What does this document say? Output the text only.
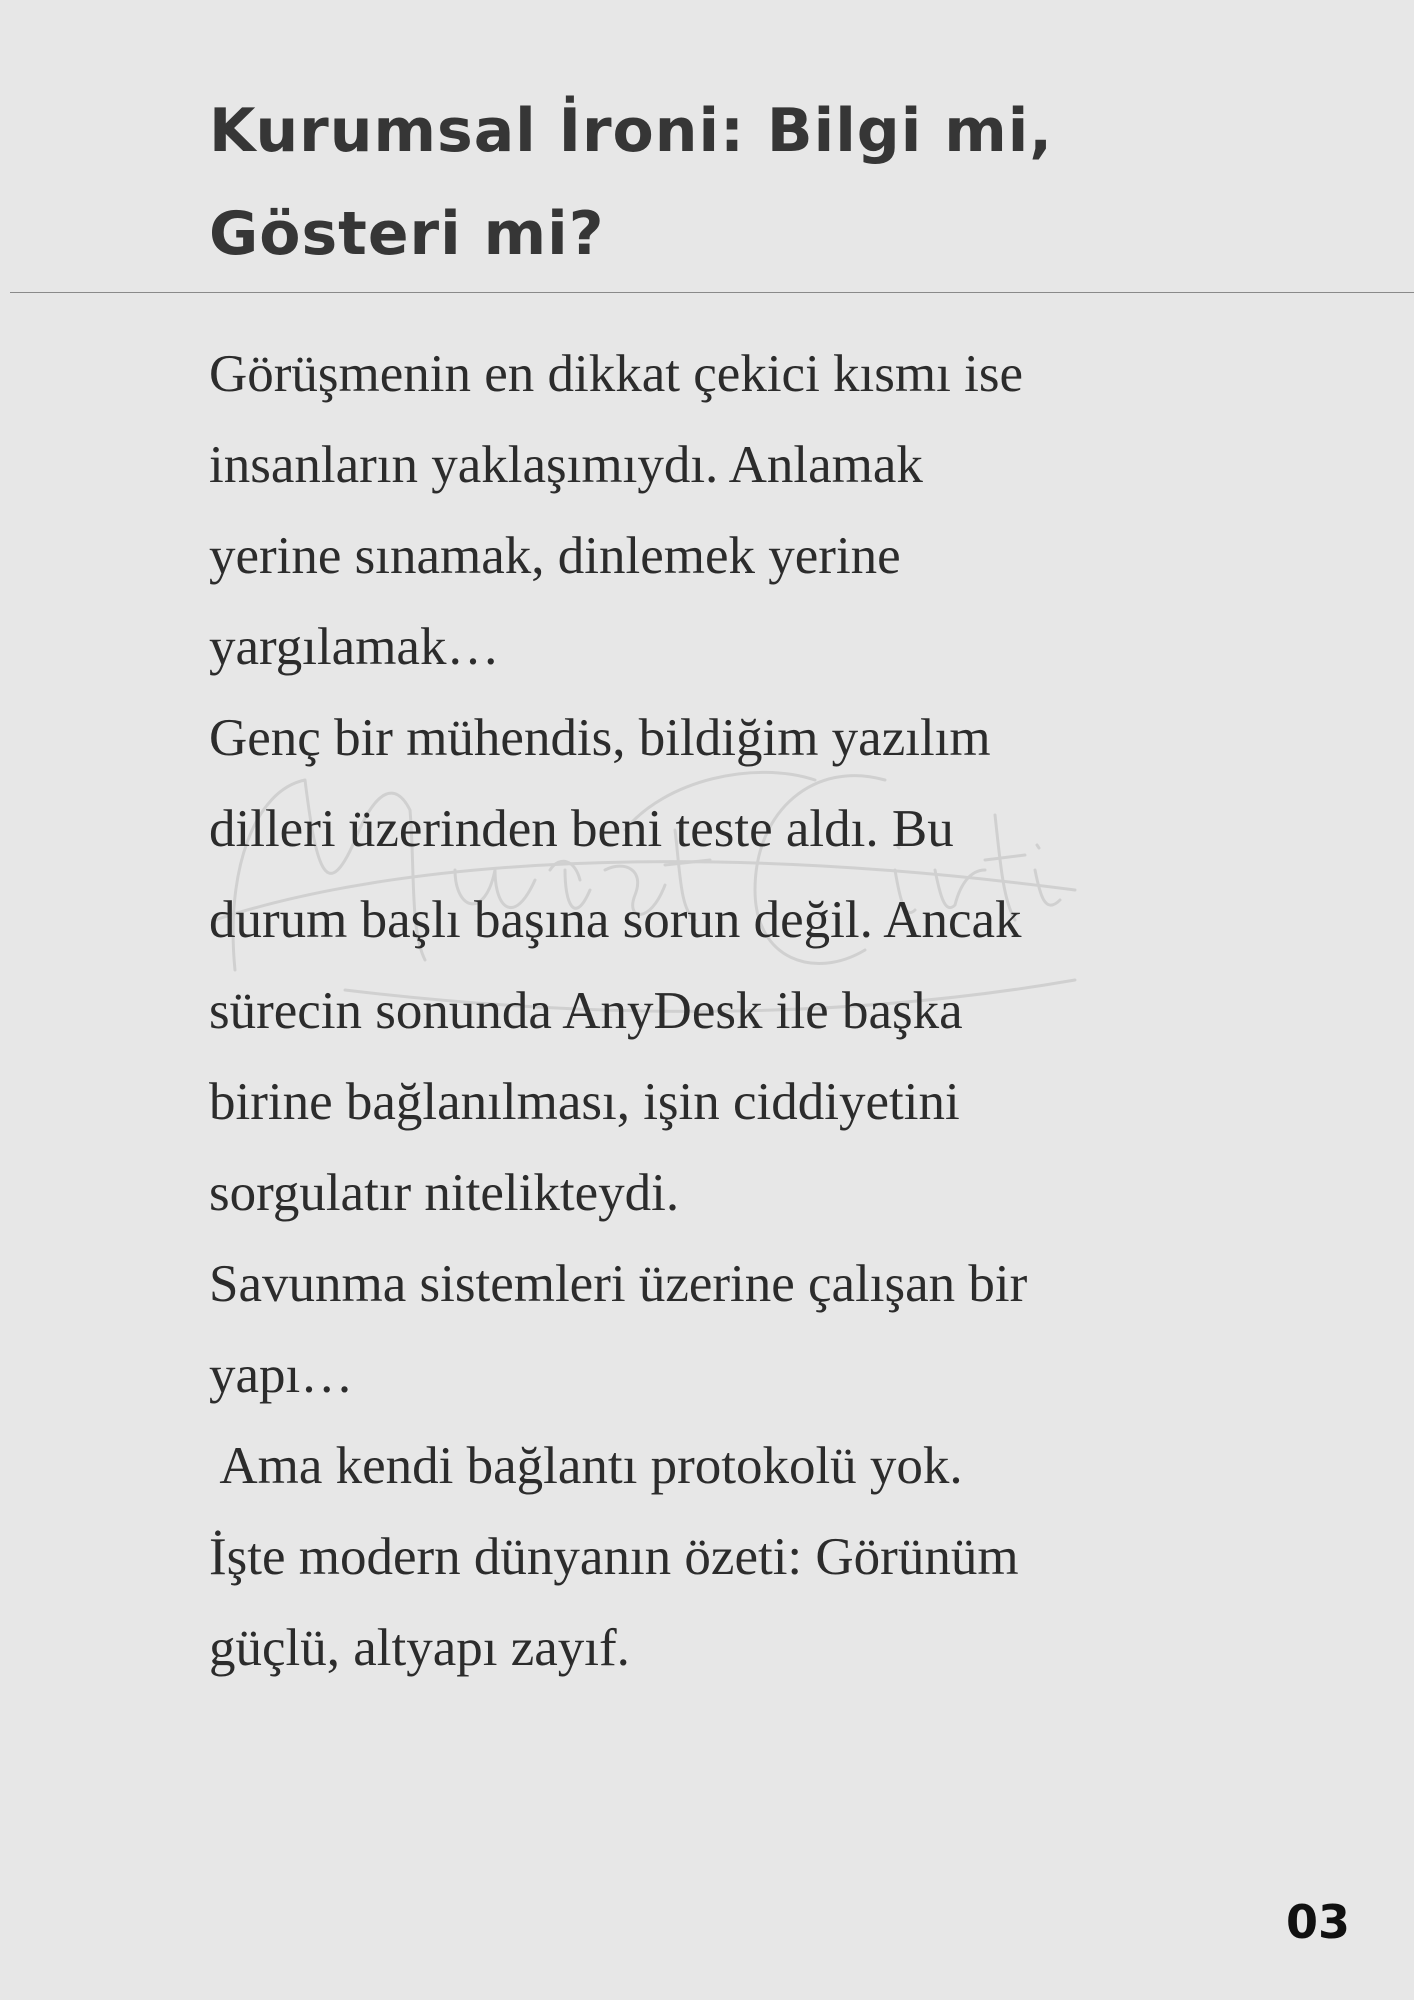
Kurumsal İroni: Bilgi mi,
Gösteri mi?
Görüşmenin en dikkat çekici kısmı ise
insanların yaklaşımıydı. Anlamak
yerine sınamak, dinlemek yerine
yargılamak…
Genç bir mühendis, bildiğim yazılım
dilleri üzerinden beni teste aldı. Bu
durum başlı başına sorun değil. Ancak
sürecin sonunda AnyDesk ile başka
birine bağlanılması, işin ciddiyetini
sorgulatır nitelikteydi.
Savunma sistemleri üzerine çalışan bir
yapı…
Ama kendi bağlantı protokolü yok.
İşte modern dünyanın özeti: Görünüm
güçlü, altyapı zayıf.
03
